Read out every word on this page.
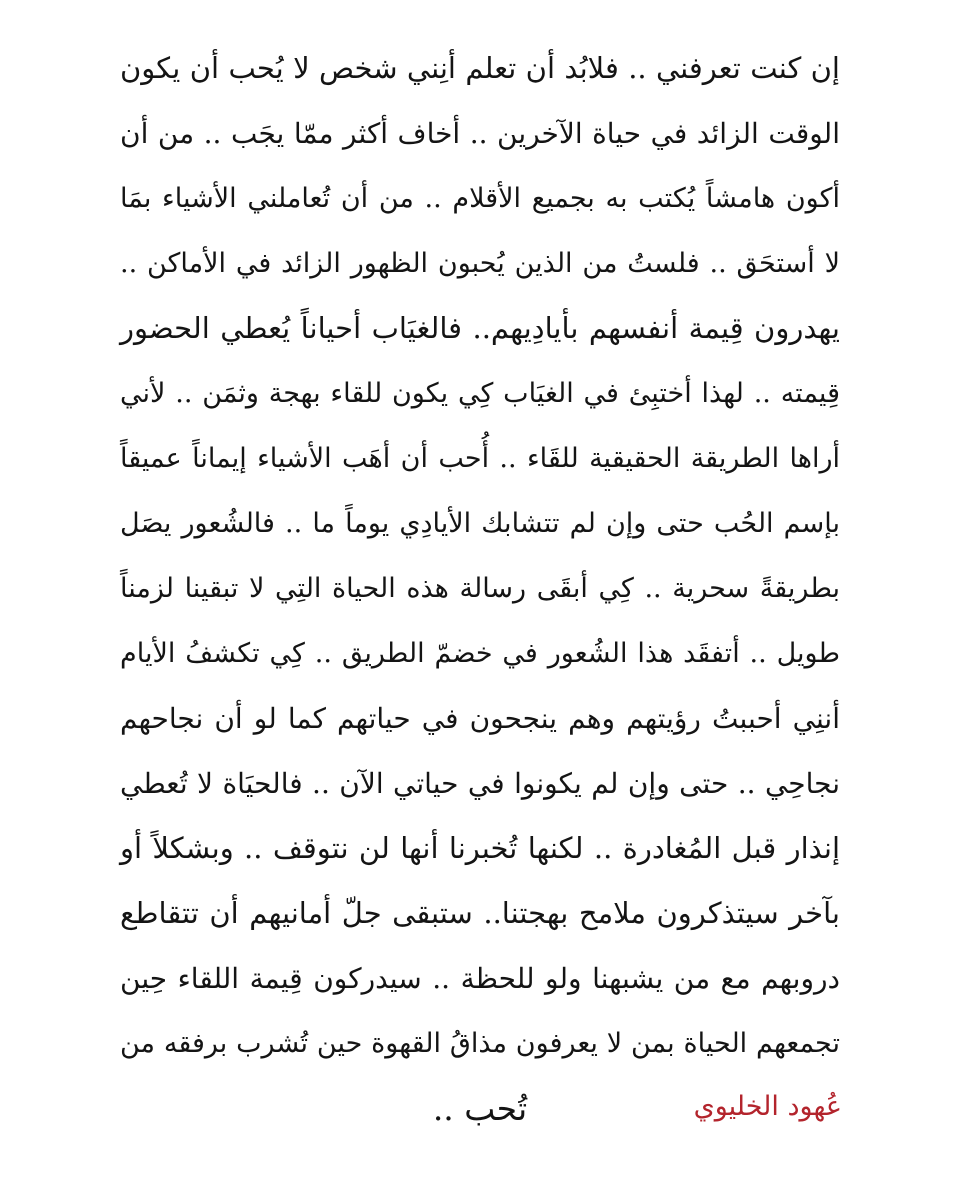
إن كنت تعرفني .. فلابُد أن تعلم أنِني شخص لا يُحب أن يكون
الوقت الزائد في حياة الآخرين .. أخاف أكثر ممّا يجَب .. من أن
أكون هامشاً يُكتب به بجميع الأقلام .. من أن تُعاملني الأشياء بمَا
لا أستحَق .. فلستُ من الذين يُحبون الظهور الزائد في الأماكن ..
يهدرون قِيمة أنفسهم بأيادِيهم.. فالغيَاب أحياناً يُعطي الحضور
قِيمته .. لهذا أختبِئ في الغيَاب كِي يكون للقاء بهجة وثمَن .. لأني
أراها الطريقة الحقيقية للقَاء .. أُحب أن أهَب الأشياء إيماناً عميقاً
بإسم الحُب حتى وإن لم تتشابك الأيادِي يوماً ما .. فالشُعور يصَل
بطريقةً سحرية .. كِي أبقَى رسالة هذه الحياة التِي لا تبقينا لزمناً
طويل .. أتفقَد هذا الشُعور في خضمّ الطريق .. كِي تكشفُ الأيام
أننِي أحببتُ رؤيتهم وهم ينجحون في حياتهم كما لو أن نجاحهم
نجاحِي .. حتى وإن لم يكونوا في حياتي الآن .. فالحيَاة لا تُعطي
إنذار قبل المُغادرة .. لكنها تُخبرنا أنها لن نتوقف .. وبشكلاً أو
بآخر سيتذكرون ملامح بهجتنا.. ستبقى جلّ أمانيهم أن تتقاطع
دروبهم مع من يشبهنا ولو للحظة .. سيدركون قِيمة اللقاء حِين
تجمعهم الحياة بمن لا يعرفون مذاقُ القهوة حين تُشرب برفقه من
تُحب ..	عُهود الخليوي
